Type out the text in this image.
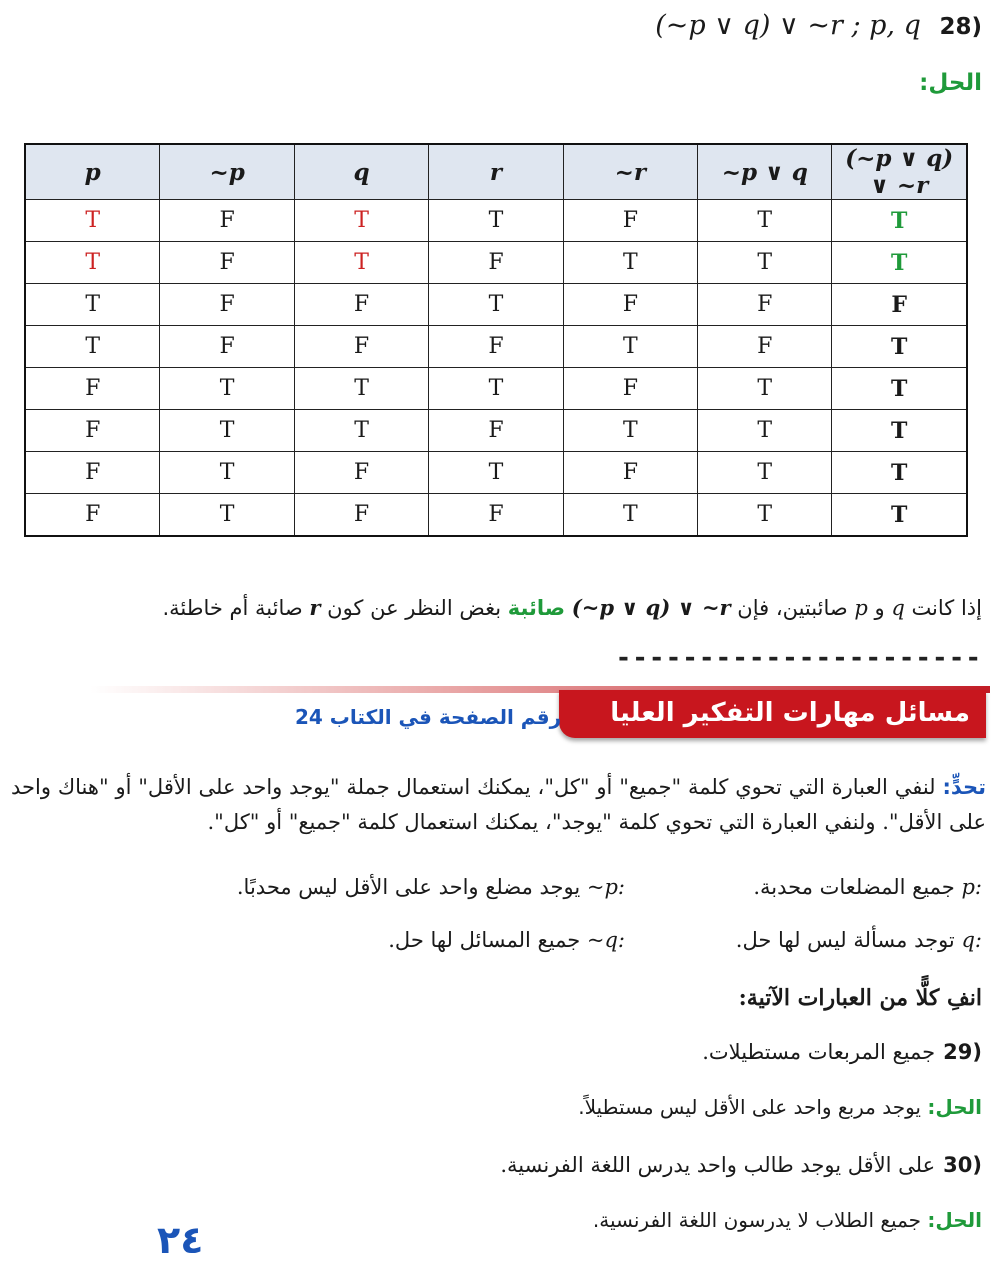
(~p ∨ q) ∨ ~r ; p, q 28)
الحل:
p	~p	q	r	~r	~p ∨ q	(~p ∨ q) ∨ ~r
T	F	T	T	F	T	T
T	F	T	F	T	T	T
T	F	F	T	F	F	F
T	F	F	F	T	F	T
F	T	T	T	F	T	T
F	T	T	F	T	T	T
F	T	F	T	F	T	T
F	T	F	F	T	T	T
إذا كانت q و p صائبتين، فإن (~p ∨ q) ∨ ~r صائبة بغض النظر عن كون r صائبة أم خاطئة.
----------------------
مسائل مهارات التفكير العليا
رقم الصفحة في الكتاب 24
تحدٍّ: لنفي العبارة التي تحوي كلمة "جميع" أو "كل"، يمكنك استعمال جملة "يوجد واحد على الأقل" أو "هناك واحد على الأقل". ولنفي العبارة التي تحوي كلمة "يوجد"، يمكنك استعمال كلمة "جميع" أو "كل".
p: جميع المضلعات محدبة.
~p: يوجد مضلع واحد على الأقل ليس محدبًا.
q: توجد مسألة ليس لها حل.
~q: جميع المسائل لها حل.
انفِ كلًّا من العبارات الآتية:
29)جميع المربعات مستطيلات.
الحل: يوجد مربع واحد على الأقل ليس مستطيلاً.
30)على الأقل يوجد طالب واحد يدرس اللغة الفرنسية.
الحل: جميع الطلاب لا يدرسون اللغة الفرنسية.
٢٤
